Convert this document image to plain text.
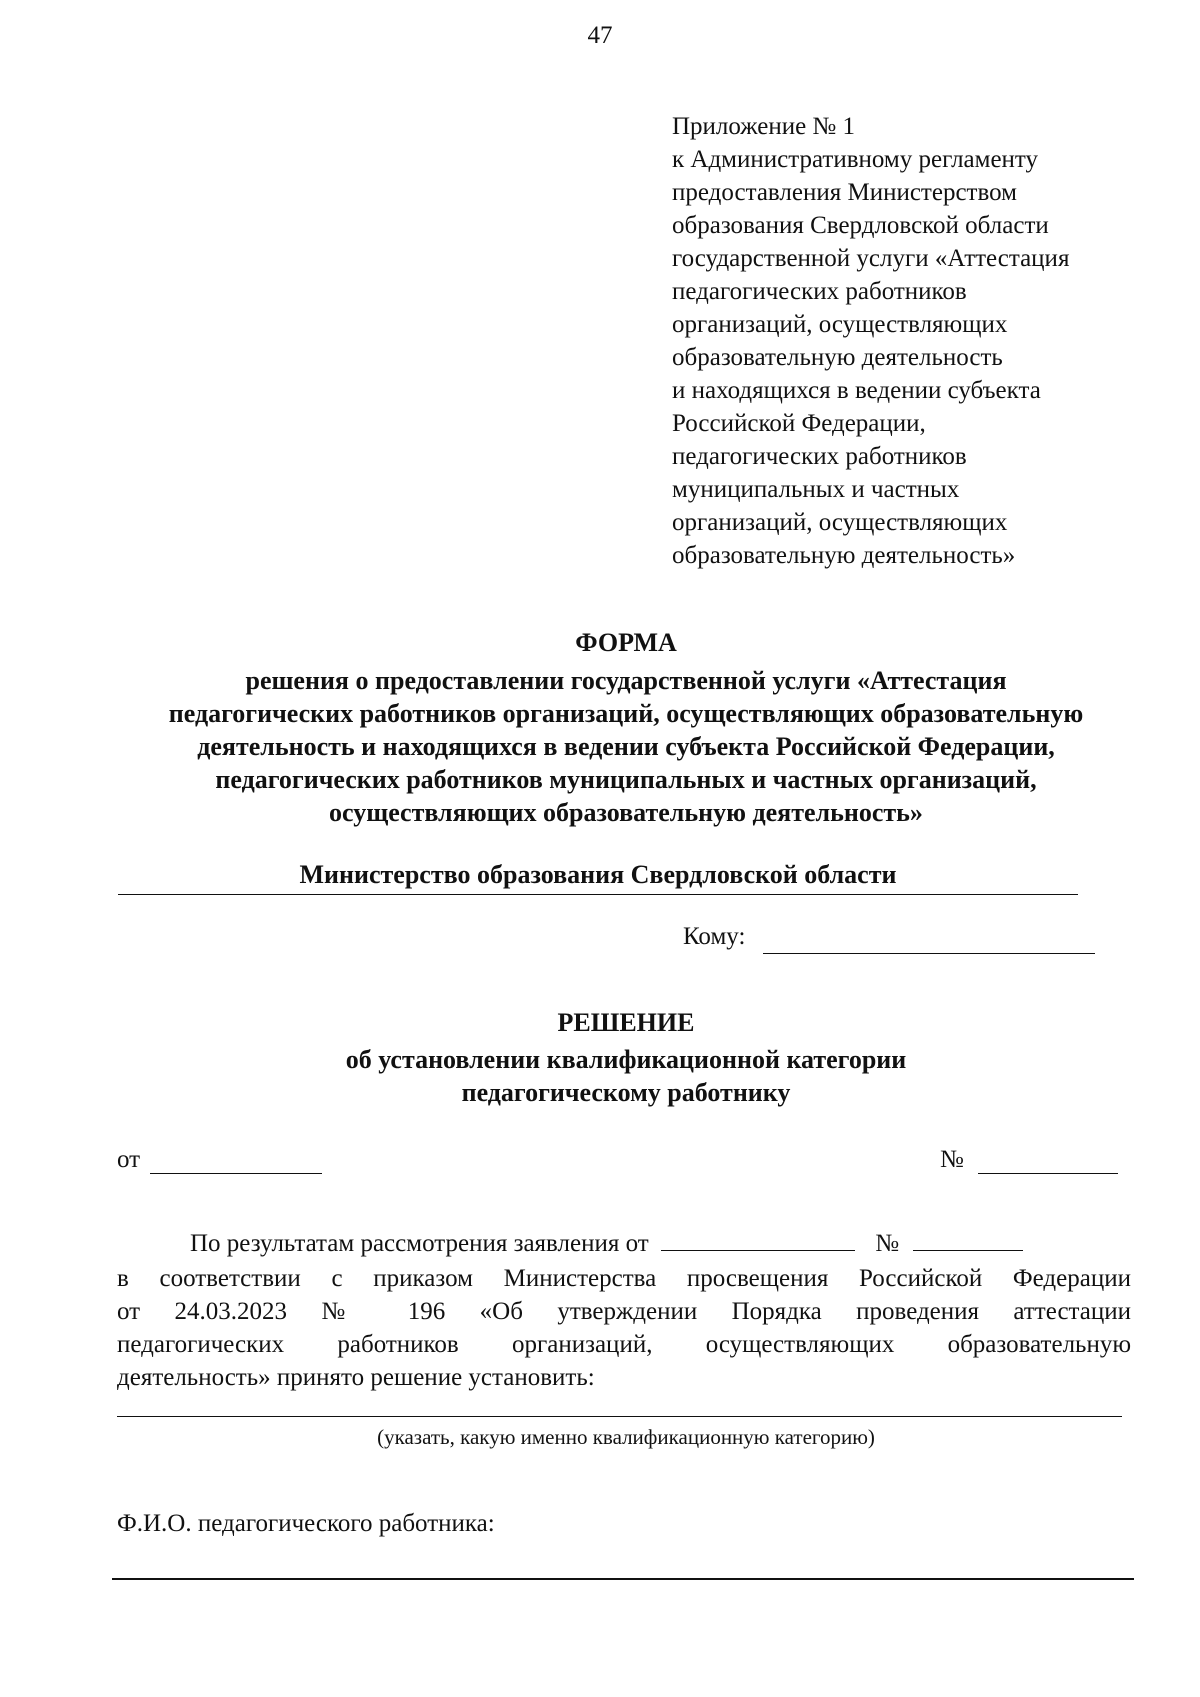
47
Приложение № 1
к Административному регламенту
предоставления Министерством
образования Свердловской области
государственной услуги «Аттестация
педагогических работников
организаций, осуществляющих
образовательную деятельность
и находящихся в ведении субъекта
Российской Федерации,
педагогических работников
муниципальных и частных
организаций, осуществляющих
образовательную деятельность»
ФОРМА
решения о предоставлении государственной услуги «Аттестация
педагогических работников организаций, осуществляющих образовательную
деятельность и находящихся в ведении субъекта Российской Федерации,
педагогических работников муниципальных и частных организаций,
осуществляющих образовательную деятельность»
Министерство образования Свердловской области
Кому:
РЕШЕНИЕ
об установлении квалификационной категории
педагогическому работнику
от	№
По результатам рассмотрения заявления от	№
в соответствии с приказом Министерства просвещения Российской Федерации
от 24.03.2023 № 196 «Об утверждении Порядка проведения аттестации
педагогических работников организаций, осуществляющих образовательную
деятельность» принято решение установить:
(указать, какую именно квалификационную категорию)
Ф.И.О. педагогического работника:
